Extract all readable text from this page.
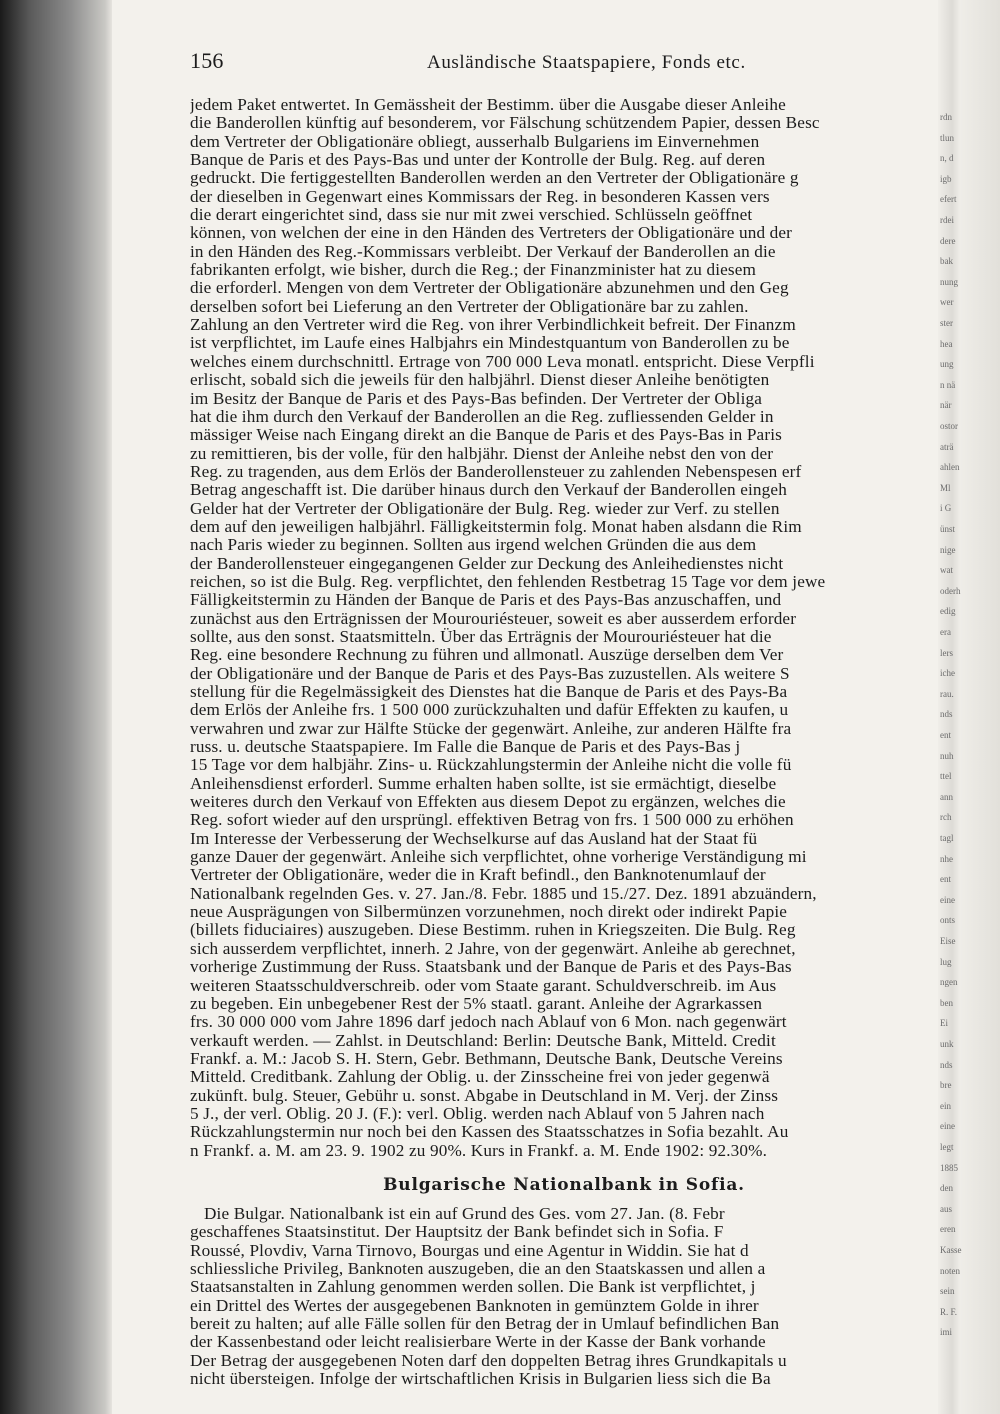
rdn
tlun
n, d
igb
efert
rdei
dere
bak
nung
wer
ster
hea
ung
n nä
när
ostor
aträ
ahlen
Ml
i G
ünst
nige
wat
oderh
edig
era
lers
iche
rau.
nds
ent
nuh
ttel
ann
rch
tagl
nhe
ent
eine
onts
Eise
lug
ngen
ben
Ei
unk
nds
bre
ein
eine
legt
1885
den
aus
eren
Kasse
noten
sein
R. F.
imi
156	Ausländische Staatspapiere, Fonds etc.
jedem Paket entwertet. In Gemässheit der Bestimm. über die Ausgabe dieser Anleihe
die Banderollen künftig auf besonderem, vor Fälschung schützendem Papier, dessen Besc
dem Vertreter der Obligationäre obliegt, ausserhalb Bulgariens im Einvernehmen
Banque de Paris et des Pays-Bas und unter der Kontrolle der Bulg. Reg. auf deren
gedruckt. Die fertiggestellten Banderollen werden an den Vertreter der Obligationäre g
der dieselben in Gegenwart eines Kommissars der Reg. in besonderen Kassen vers
die derart eingerichtet sind, dass sie nur mit zwei verschied. Schlüsseln geöffnet
können, von welchen der eine in den Händen des Vertreters der Obligationäre und der
in den Händen des Reg.-Kommissars verbleibt. Der Verkauf der Banderollen an die
fabrikanten erfolgt, wie bisher, durch die Reg.; der Finanzminister hat zu diesem
die erforderl. Mengen von dem Vertreter der Obligationäre abzunehmen und den Geg
derselben sofort bei Lieferung an den Vertreter der Obligationäre bar zu zahlen.
Zahlung an den Vertreter wird die Reg. von ihrer Verbindlichkeit befreit. Der Finanzm
ist verpflichtet, im Laufe eines Halbjahrs ein Mindestquantum von Banderollen zu be
welches einem durchschnittl. Ertrage von 700 000 Leva monatl. entspricht. Diese Verpfli
erlischt, sobald sich die jeweils für den halbjährl. Dienst dieser Anleihe benötigten
im Besitz der Banque de Paris et des Pays-Bas befinden. Der Vertreter der Obliga
hat die ihm durch den Verkauf der Banderollen an die Reg. zufliessenden Gelder in
mässiger Weise nach Eingang direkt an die Banque de Paris et des Pays-Bas in Paris
zu remittieren, bis der volle, für den halbjähr. Dienst der Anleihe nebst den von der
Reg. zu tragenden, aus dem Erlös der Banderollensteuer zu zahlenden Nebenspesen erf
Betrag angeschafft ist. Die darüber hinaus durch den Verkauf der Banderollen eingeh
Gelder hat der Vertreter der Obligationäre der Bulg. Reg. wieder zur Verf. zu stellen
dem auf den jeweiligen halbjährl. Fälligkeitstermin folg. Monat haben alsdann die Rim
nach Paris wieder zu beginnen. Sollten aus irgend welchen Gründen die aus dem
der Banderollensteuer eingegangenen Gelder zur Deckung des Anleihedienstes nicht
reichen, so ist die Bulg. Reg. verpflichtet, den fehlenden Restbetrag 15 Tage vor dem jewe
Fälligkeitstermin zu Händen der Banque de Paris et des Pays-Bas anzuschaffen, und
zunächst aus den Erträgnissen der Mourouriésteuer, soweit es aber ausserdem erforder
sollte, aus den sonst. Staatsmitteln. Über das Erträgnis der Mourouriésteuer hat die
Reg. eine besondere Rechnung zu führen und allmonatl. Auszüge derselben dem Ver
der Obligationäre und der Banque de Paris et des Pays-Bas zuzustellen. Als weitere S
stellung für die Regelmässigkeit des Dienstes hat die Banque de Paris et des Pays-Ba
dem Erlös der Anleihe frs. 1 500 000 zurückzuhalten und dafür Effekten zu kaufen, u
verwahren und zwar zur Hälfte Stücke der gegenwärt. Anleihe, zur anderen Hälfte fra
russ. u. deutsche Staatspapiere. Im Falle die Banque de Paris et des Pays-Bas j
15 Tage vor dem halbjähr. Zins- u. Rückzahlungstermin der Anleihe nicht die volle fü
Anleihensdienst erforderl. Summe erhalten haben sollte, ist sie ermächtigt, dieselbe
weiteres durch den Verkauf von Effekten aus diesem Depot zu ergänzen, welches die
Reg. sofort wieder auf den ursprüngl. effektiven Betrag von frs. 1 500 000 zu erhöhen
Im Interesse der Verbesserung der Wechselkurse auf das Ausland hat der Staat fü
ganze Dauer der gegenwärt. Anleihe sich verpflichtet, ohne vorherige Verständigung mi
Vertreter der Obligationäre, weder die in Kraft befindl., den Banknotenumlauf der
Nationalbank regelnden Ges. v. 27. Jan./8. Febr. 1885 und 15./27. Dez. 1891 abzuändern,
neue Ausprägungen von Silbermünzen vorzunehmen, noch direkt oder indirekt Papie
(billets fiduciaires) auszugeben. Diese Bestimm. ruhen in Kriegszeiten. Die Bulg. Reg
sich ausserdem verpflichtet, innerh. 2 Jahre, von der gegenwärt. Anleihe ab gerechnet,
vorherige Zustimmung der Russ. Staatsbank und der Banque de Paris et des Pays-Bas
weiteren Staatsschuldverschreib. oder vom Staate garant. Schuldverschreib. im Aus
zu begeben. Ein unbegebener Rest der 5% staatl. garant. Anleihe der Agrarkassen
frs. 30 000 000 vom Jahre 1896 darf jedoch nach Ablauf von 6 Mon. nach gegenwärt
verkauft werden. — Zahlst. in Deutschland: Berlin: Deutsche Bank, Mitteld. Credit
Frankf. a. M.: Jacob S. H. Stern, Gebr. Bethmann, Deutsche Bank, Deutsche Vereins
Mitteld. Creditbank. Zahlung der Oblig. u. der Zinsscheine frei von jeder gegenwä
zukünft. bulg. Steuer, Gebühr u. sonst. Abgabe in Deutschland in M. Verj. der Zinss
5 J., der verl. Oblig. 20 J. (F.): verl. Oblig. werden nach Ablauf von 5 Jahren nach
Rückzahlungstermin nur noch bei den Kassen des Staatsschatzes in Sofia bezahlt. Au
n Frankf. a. M. am 23. 9. 1902 zu 90%. Kurs in Frankf. a. M. Ende 1902: 92.30%.
Bulgarische Nationalbank in Sofia.
Die Bulgar. Nationalbank ist ein auf Grund des Ges. vom 27. Jan. (8. Febr
geschaffenes Staatsinstitut. Der Hauptsitz der Bank befindet sich in Sofia. F
Roussé, Plovdiv, Varna Tirnovo, Bourgas und eine Agentur in Widdin. Sie hat d
schliessliche Privileg, Banknoten auszugeben, die an den Staatskassen und allen a
Staatsanstalten in Zahlung genommen werden sollen. Die Bank ist verpflichtet, j
ein Drittel des Wertes der ausgegebenen Banknoten in gemünztem Golde in ihrer
bereit zu halten; auf alle Fälle sollen für den Betrag der in Umlauf befindlichen Ban
der Kassenbestand oder leicht realisierbare Werte in der Kasse der Bank vorhande
Der Betrag der ausgegebenen Noten darf den doppelten Betrag ihres Grundkapitals u
nicht übersteigen. Infolge der wirtschaftlichen Krisis in Bulgarien liess sich die Ba
